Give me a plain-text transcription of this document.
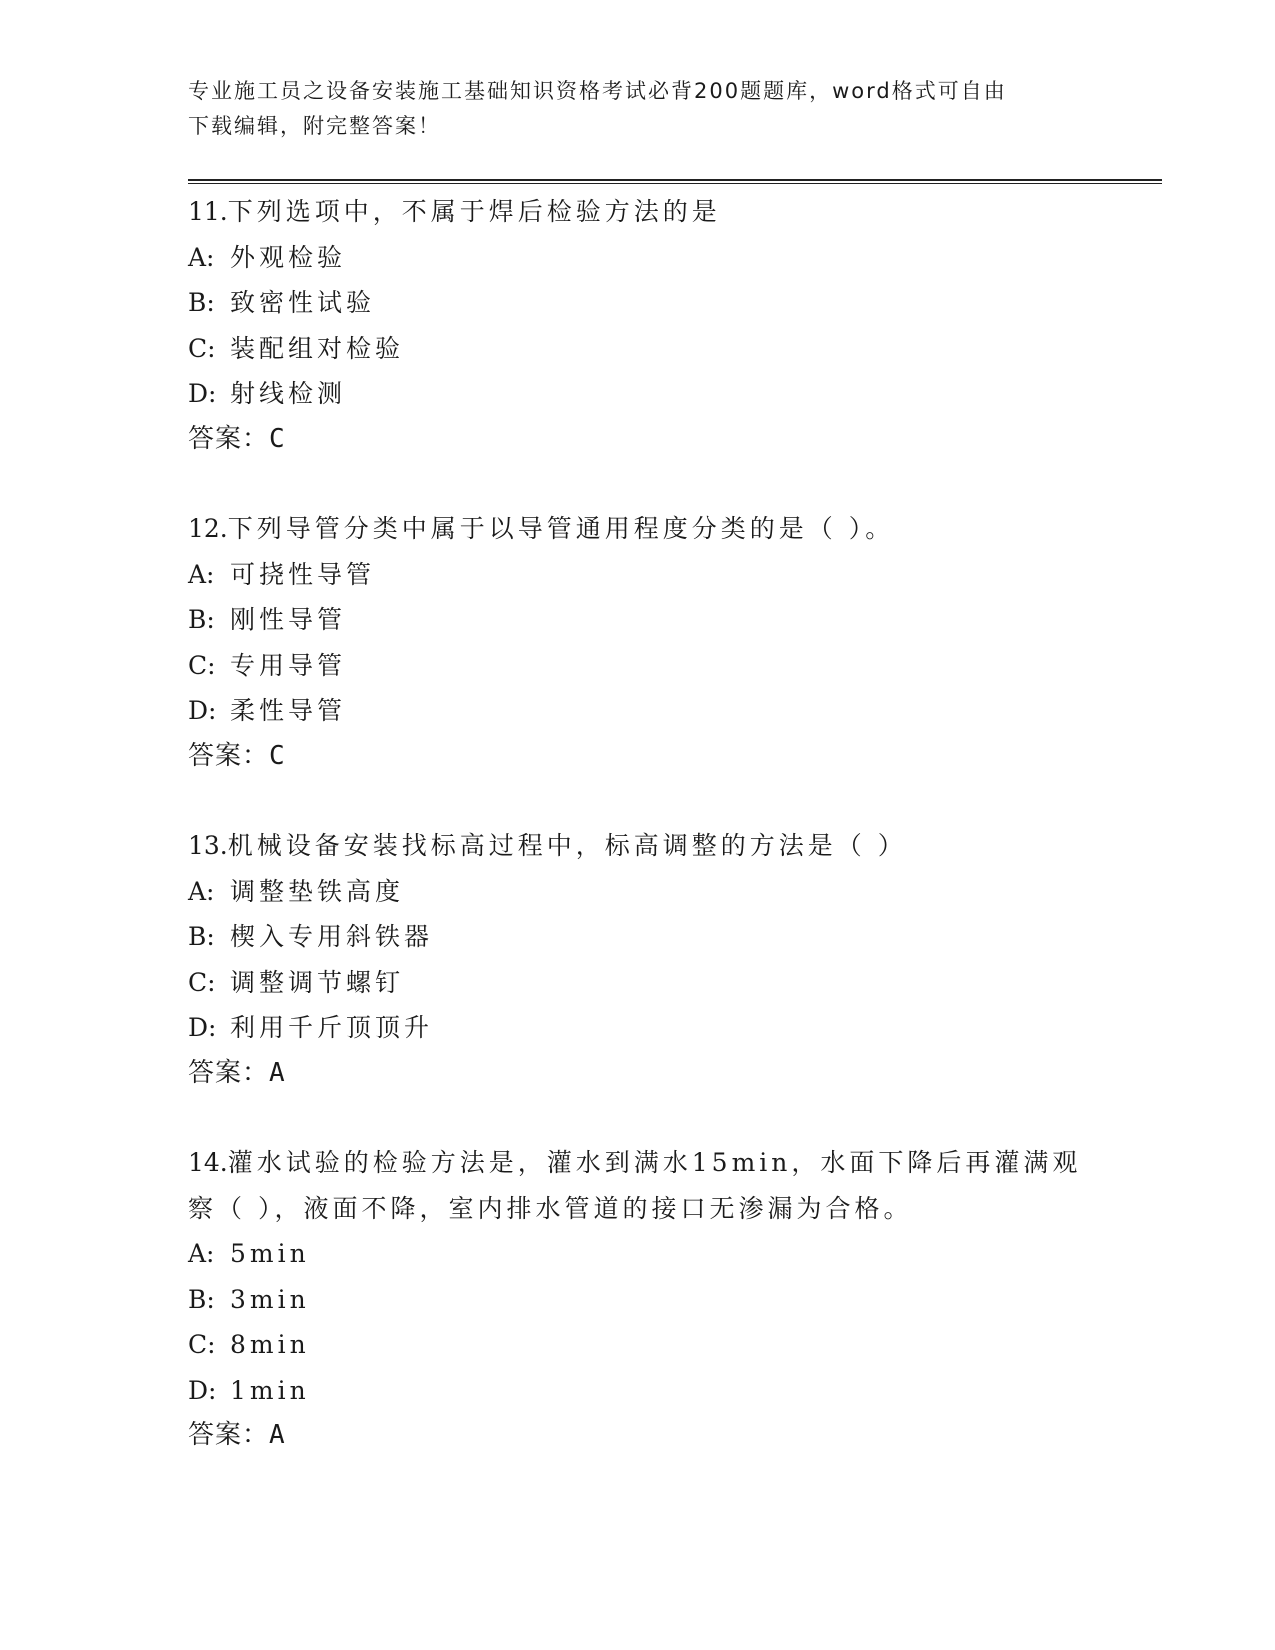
专业施工员之设备安装施工基础知识资格考试必背200题题库，word格式可自由
下载编辑，附完整答案！
11.下列选项中，不属于焊后检验方法的是
A: 外观检验
B: 致密性试验
C: 装配组对检验
D: 射线检测
答案：C
12.下列导管分类中属于以导管通用程度分类的是（ ）。
A: 可挠性导管
B: 刚性导管
C: 专用导管
D: 柔性导管
答案：C
13.机械设备安装找标高过程中，标高调整的方法是（ ）
A: 调整垫铁高度
B: 楔入专用斜铁器
C: 调整调节螺钉
D: 利用千斤顶顶升
答案：A
14.灌水试验的检验方法是，灌水到满水15min，水面下降后再灌满观察（ ），液面不降，室内排水管道的接口无渗漏为合格。
A: 5min
B: 3min
C: 8min
D: 1min
答案：A
